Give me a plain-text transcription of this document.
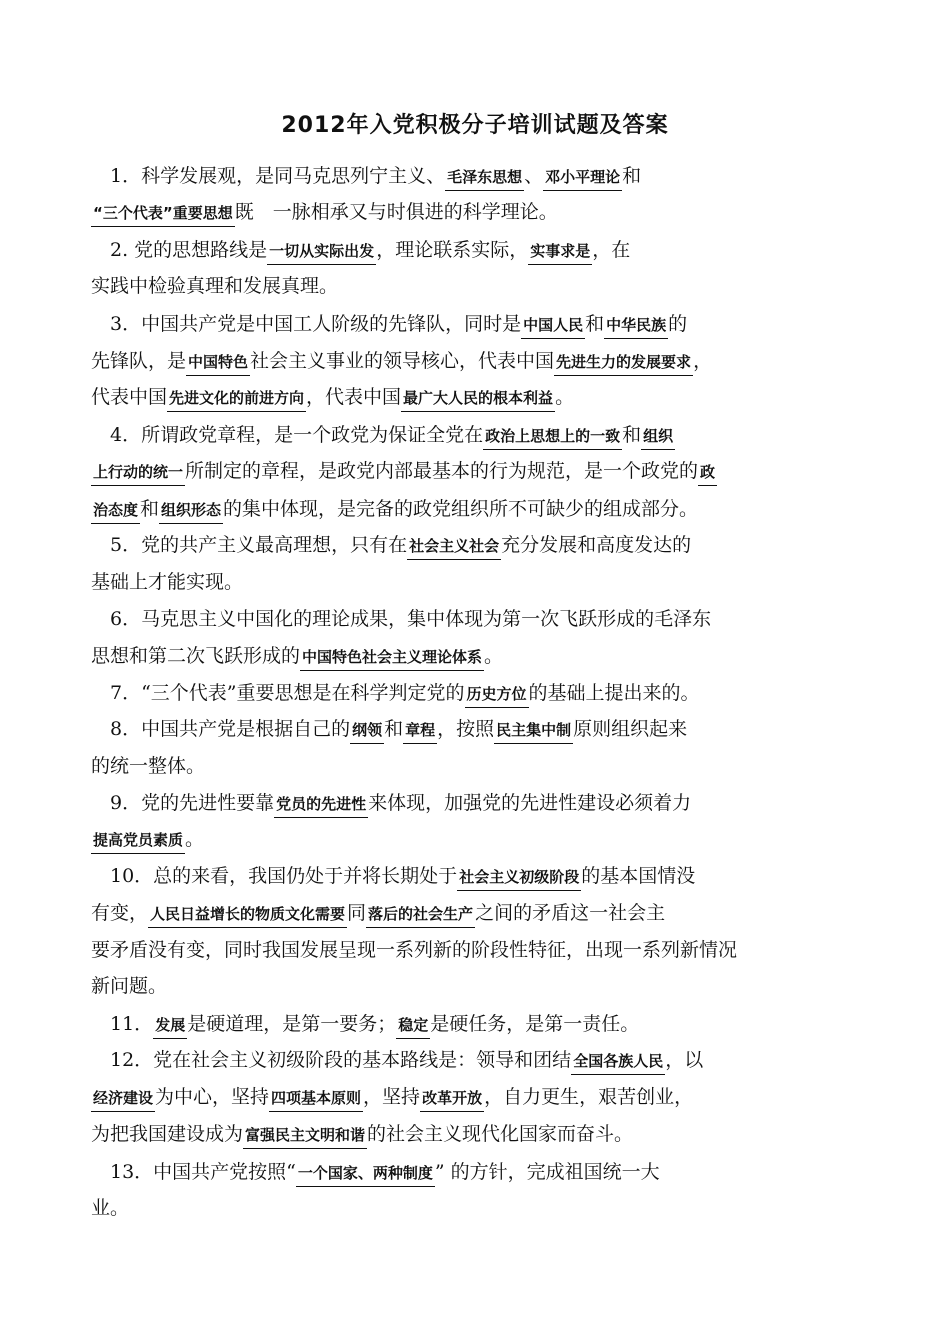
2012年入党积极分子培训试题及答案
　1．科学发展观，是同马克思列宁主义、 毛泽东思想 、 邓小平理论 和
“三个代表”重要思想 既　一脉相承又与时俱进的科学理论。
　2. 党的思想路线是 一切从实际出发 ，理论联系实际， 实事求是 ，在
实践中检验真理和发展真理。
　3．中国共产党是中国工人阶级的先锋队，同时是 中国人民 和 中华民族 的
先锋队，是 中国特色 社会主义事业的领导核心，代表中国 先进生力的发展要求 ，
代表中国 先进文化的前进方向 ，代表中国 最广大人民的根本利益 。
　4．所谓政党章程，是一个政党为保证全党在 政治上思想上的一致 和 组织
上行动的统一 所制定的章程，是政党内部最基本的行为规范，是一个政党的 政
治态度 和 组织形态 的集中体现，是完备的政党组织所不可缺少的组成部分。
　5．党的共产主义最高理想，只有在 社会主义社会 充分发展和高度发达的
基础上才能实现。
　6．马克思主义中国化的理论成果，集中体现为第一次飞跃形成的毛泽东
思想和第二次飞跃形成的 中国特色社会主义理论体系 。
　7．“三个代表”重要思想是在科学判定党的 历史方位 的基础上提出来的。
　8．中国共产党是根据自己的 纲领 和 章程 ，按照 民主集中制 原则组织起来
的统一整体。
　9．党的先进性要靠 党员的先进性 来体现，加强党的先进性建设必须着力
提高党员素质 。
　10．总的来看，我国仍处于并将长期处于 社会主义初级阶段 的基本国情没
有变， 人民日益增长的物质文化需要 同 落后的社会生产 之间的矛盾这一社会主
要矛盾没有变，同时我国发展呈现一系列新的阶段性特征，出现一系列新情况
新问题。
　11． 发展 是硬道理，是第一要务； 稳定 是硬任务，是第一责任。
　12．党在社会主义初级阶段的基本路线是：领导和团结 全国各族人民 ，以
经济建设 为中心，坚持 四项基本原则 ，坚持 改革开放 ，自力更生，艰苦创业，
为把我国建设成为 富强民主文明和谐 的社会主义现代化国家而奋斗。
　13．中国共产党按照“ 一个国家、两种制度 ” 的方针，完成祖国统一大
业。
